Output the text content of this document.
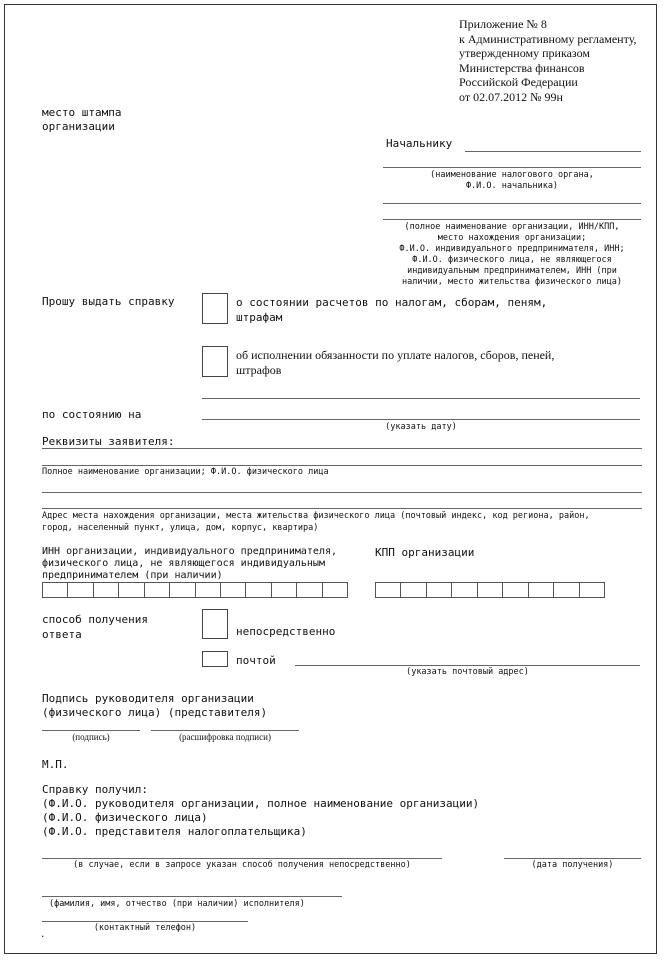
Приложение № 8
к Административному регламенту,
утвержденному приказом
Министерства финансов
Российской Федерации
от 02.07.2012 № 99н
место штампа
организации
Начальнику
(наименование налогового органа,
Ф.И.О. начальника)
(полное наименование организации, ИНН/КПП,
место нахождения организации;
Ф.И.О. индивидуального предпринимателя, ИНН;
Ф.И.О. физического лица, не являющегося
индивидуальным предпринимателем, ИНН (при
наличии, место жительства физического лица)
Прошу выдать справку	о состоянии расчетов по налогам, сборам, пеням,
штрафам
об исполнении обязанности по уплате налогов, сборов, пеней,
штрафов
по состоянию на
(указать дату)
Реквизиты заявителя:
Полное наименование организации; Ф.И.О. физического лица
Адрес места нахождения организации, места жительства физического лица (почтовый индекс, код региона, район,
город, населенный пункт, улица, дом, корпус, квартира)
ИНН организации, индивидуального предпринимателя,
физического лица, не являющегося индивидуальным
предпринимателем (при наличии)
КПП организации
способ получения
ответа	непосредственно
почтой
(указать почтовый адрес)
Подпись руководителя организации
(физического лица) (представителя)
(подпись)	(расшифровка подписи)
М.П.
Справку получил:
(Ф.И.О. руководителя организации, полное наименование организации)
(Ф.И.О. физического лица)
(Ф.И.О. представителя налогоплательщика)
(в случае, если в запросе указан способ получения непосредственно)	(дата получения)
(фамилия, имя, отчество (при наличии) исполнителя)
(контактный телефон)
.
